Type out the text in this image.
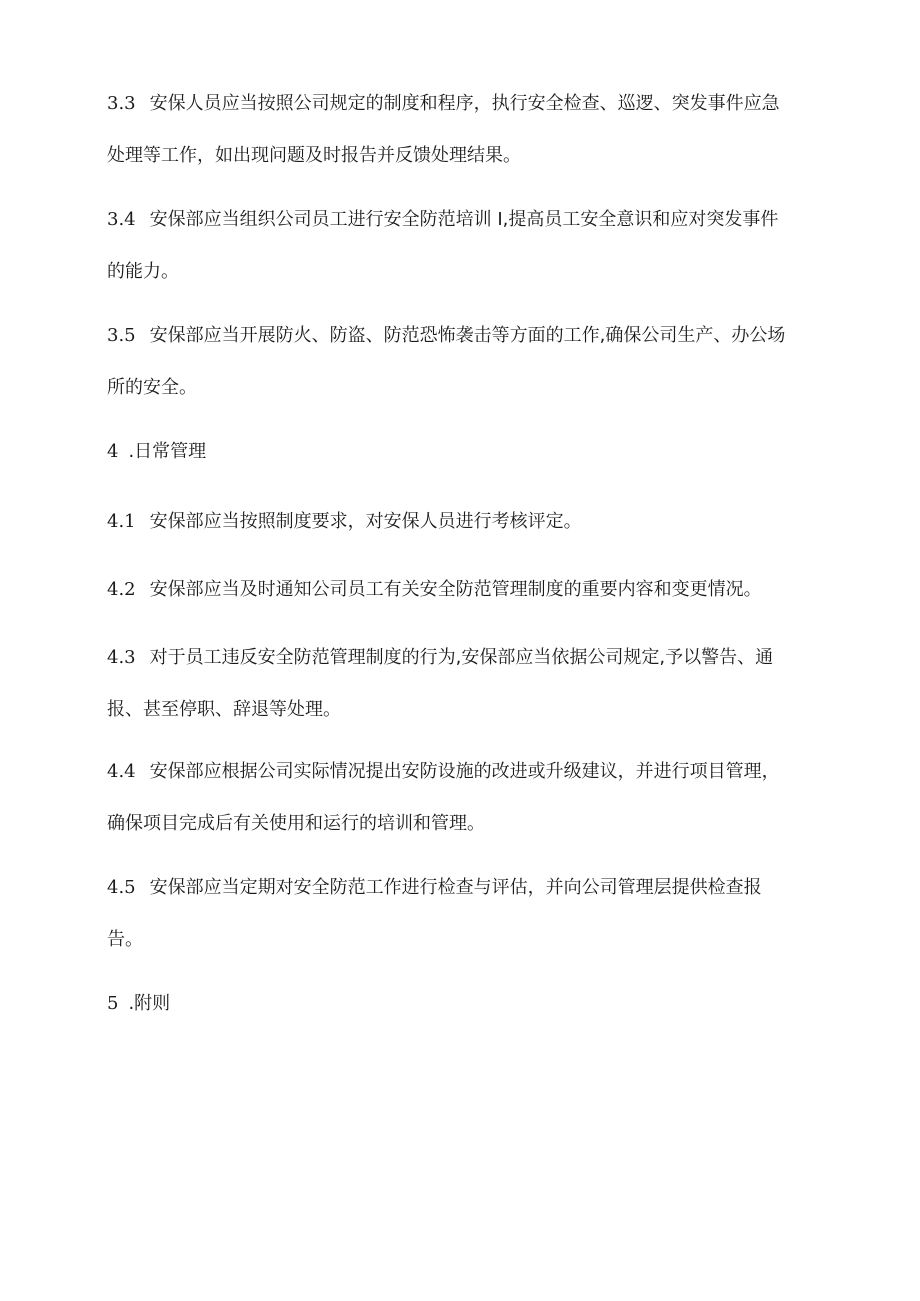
3.3 安保人员应当按照公司规定的制度和程序，执行安全检查、巡逻、突发事件应急
处理等工作，如出现问题及时报告并反馈处理结果。
3.4 安保部应当组织公司员工进行安全防范培训 I,提高员工安全意识和应对突发事件
的能力。
3.5 安保部应当开展防火、防盗、防范恐怖袭击等方面的工作,确保公司生产、办公场
所的安全。
4 .日常管理
4.1 安保部应当按照制度要求，对安保人员进行考核评定。
4.2 安保部应当及时通知公司员工有关安全防范管理制度的重要内容和变更情况。
4.3 对于员工违反安全防范管理制度的行为,安保部应当依据公司规定,予以警告、通
报、甚至停职、辞退等处理。
4.4 安保部应根据公司实际情况提出安防设施的改进或升级建议，并进行项目管理，
确保项目完成后有关使用和运行的培训和管理。
4.5 安保部应当定期对安全防范工作进行检查与评估，并向公司管理层提供检查报
告。
5 .附则
